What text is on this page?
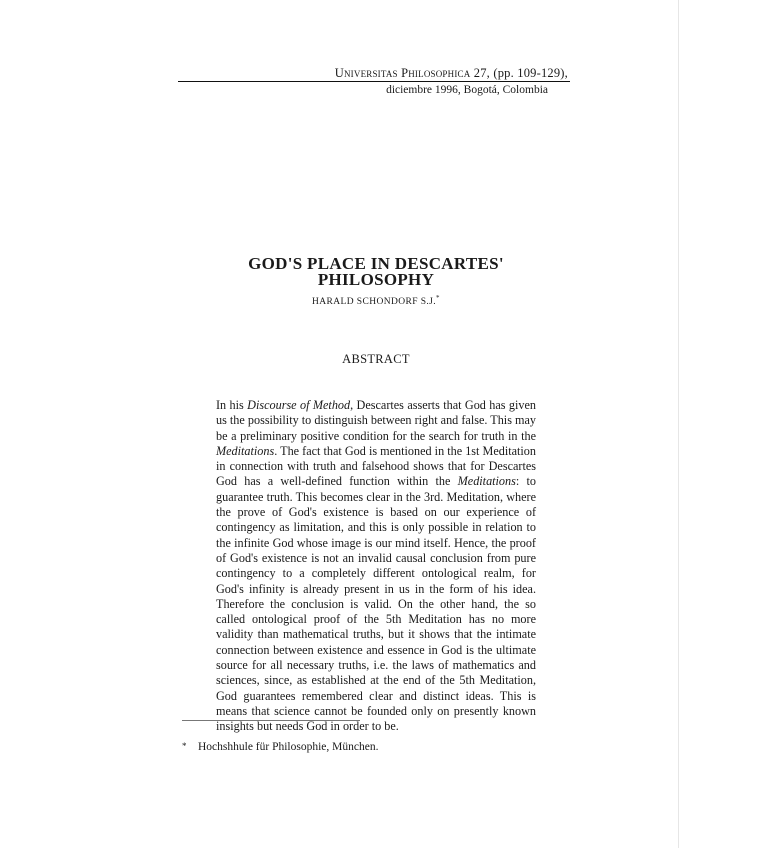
Universitas Philosophica 27, (pp. 109-129),
diciembre 1996, Bogotá, Colombia
GOD'S PLACE IN DESCARTES'
PHILOSOPHY
HARALD SCHONDORF S.J.*
ABSTRACT
In his Discourse of Method, Descartes asserts that God has given us the possibility to distinguish between right and false. This may be a preliminary positive condition for the search for truth in the Meditations. The fact that God is mentioned in the 1st Meditation in connection with truth and falsehood shows that for Descartes God has a well-defined function within the Meditations: to guarantee truth. This becomes clear in the 3rd. Meditation, where the prove of God's existence is based on our experience of contingency as limitation, and this is only possible in relation to the infinite God whose image is our mind itself. Hence, the proof of God's existence is not an invalid causal conclusion from pure contingency to a completely different ontological realm, for God's infinity is already present in us in the form of his idea. Therefore the conclusion is valid. On the other hand, the so called ontological proof of the 5th Meditation has no more validity than mathematical truths, but it shows that the intimate connection between existence and essence in God is the ultimate source for all necessary truths, i.e. the laws of mathematics and sciences, since, as established at the end of the 5th Meditation, God guarantees remembered clear and distinct ideas. This is means that science cannot be founded only on presently known insights but needs God in order to be.
* Hochshhule für Philosophie, München.
